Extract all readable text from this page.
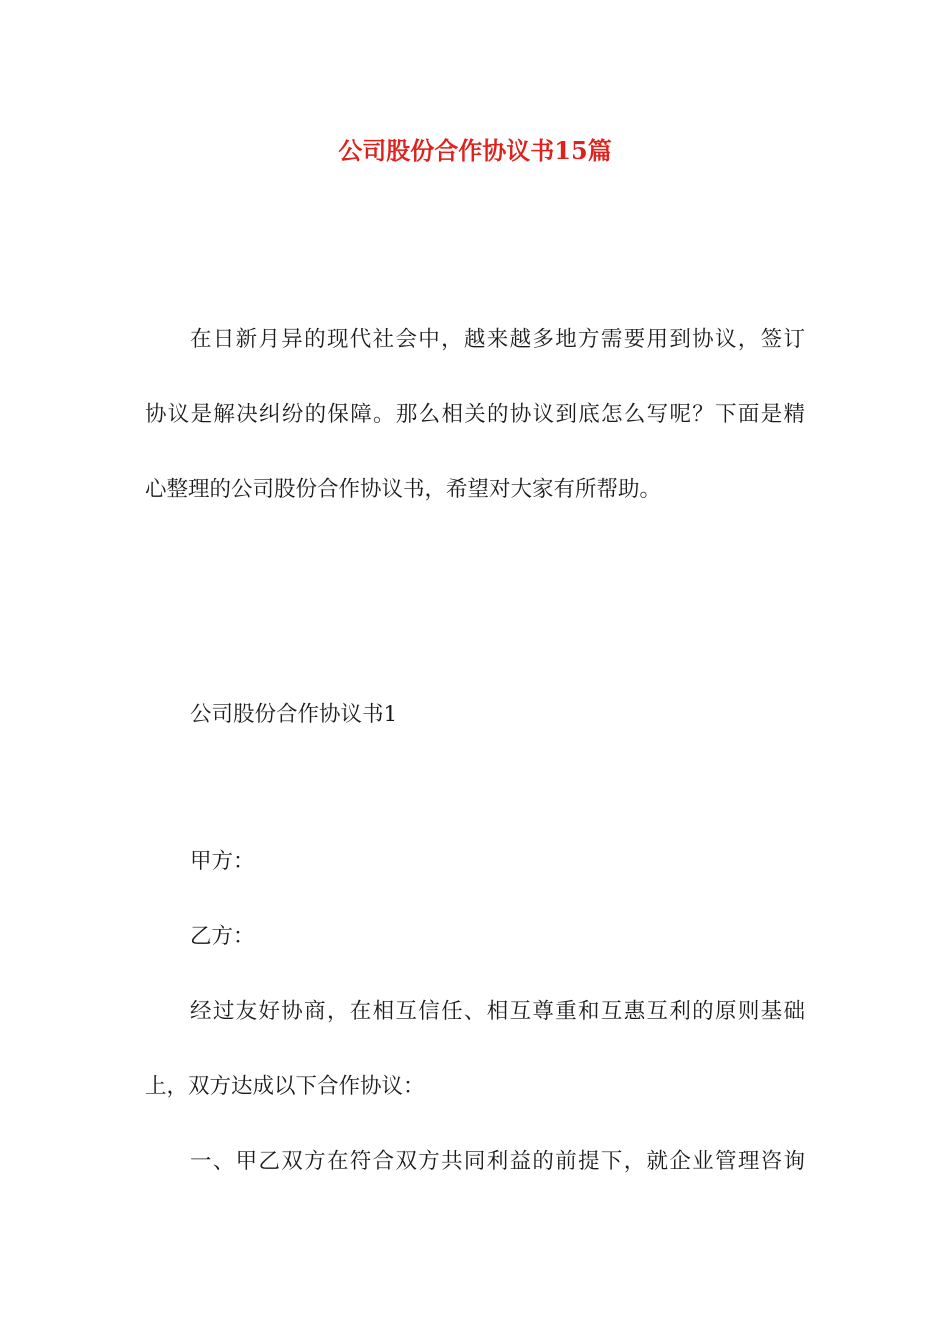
公司股份合作协议书15篇
在日新月异的现代社会中，越来越多地方需要用到协议，签订
协议是解决纠纷的保障。那么相关的协议到底怎么写呢？下面是精
心整理的公司股份合作协议书，希望对大家有所帮助。
公司股份合作协议书1
甲方：
乙方：
经过友好协商，在相互信任、相互尊重和互惠互利的原则基础
上，双方达成以下合作协议：
一、甲乙双方在符合双方共同利益的前提下，就企业管理咨询
